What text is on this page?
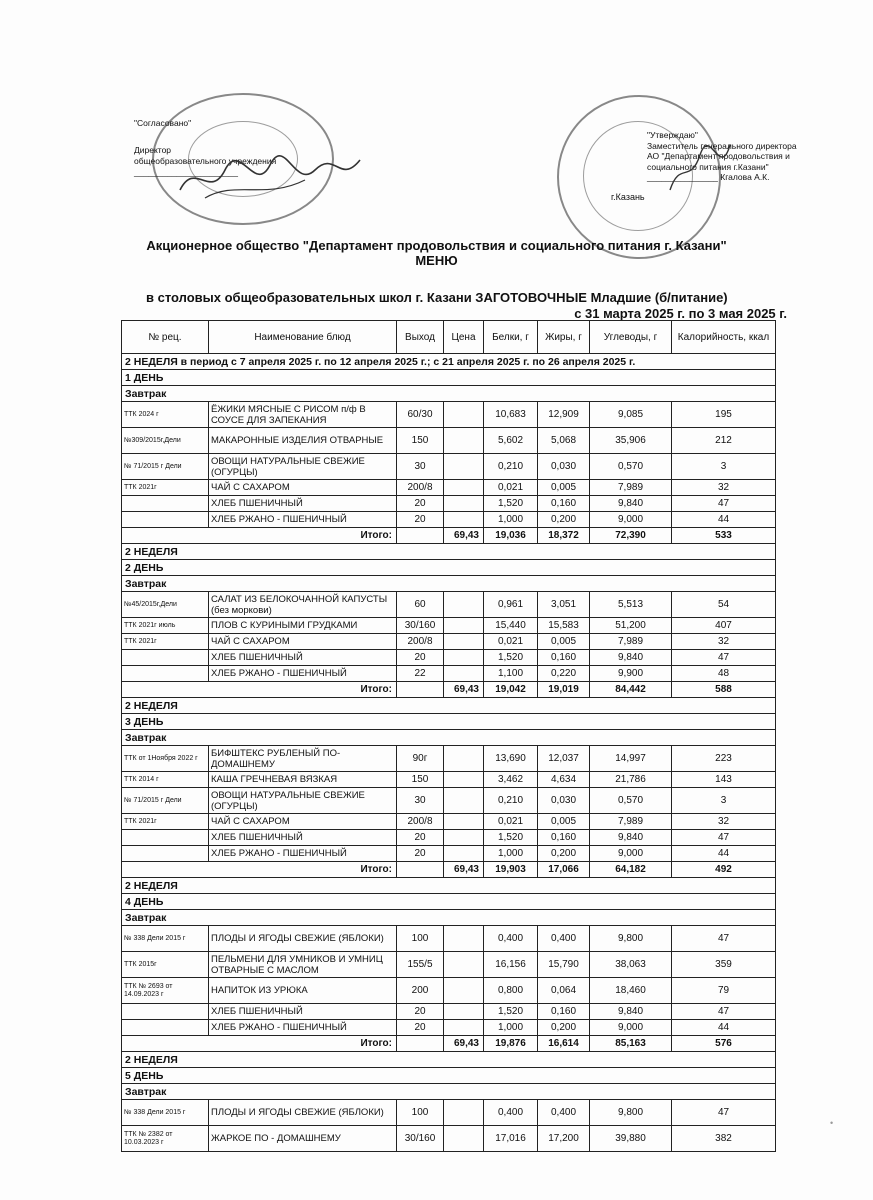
"Согласовано"
Директор
общеобразовательного учреждения
______________________
г.Казань
"Утверждаю"
Заместитель генерального директора
АО "Департамент продовольствия и
социального питания г.Казани"
_______________ Кгалова А.К.
Акционерное общество "Департамент продовольствия и социального питания г. Казани"
МЕНЮ
в столовых общеобразовательных школ г. Казани ЗАГОТОВОЧНЫЕ Младшие (б/питание)
с 31 марта 2025 г. по 3 мая 2025 г.
№ рец.	Наименование блюд	Выход	Цена	Белки, г	Жиры, г	Углеводы, г	Калорийность, ккал
2 НЕДЕЛЯ в период с 7 апреля 2025 г. по 12 апреля 2025 г.; с 21 апреля 2025 г. по 26 апреля 2025 г.							
1 ДЕНЬ							
Завтрак							
ТТК 2024 г	ЁЖИКИ МЯСНЫЕ С РИСОМ п/ф В СОУСЕ ДЛЯ ЗАПЕКАНИЯ	60/30		10,683	12,909	9,085	195
№309/2015г,Дели	МАКАРОННЫЕ ИЗДЕЛИЯ ОТВАРНЫЕ	150		5,602	5,068	35,906	212
№ 71/2015 г Дели	ОВОЩИ НАТУРАЛЬНЫЕ СВЕЖИЕ (ОГУРЦЫ)	30		0,210	0,030	0,570	3
ТТК 2021г	ЧАЙ С САХАРОМ	200/8		0,021	0,005	7,989	32
	ХЛЕБ ПШЕНИЧНЫЙ	20		1,520	0,160	9,840	47
	ХЛЕБ РЖАНО - ПШЕНИЧНЫЙ	20		1,000	0,200	9,000	44
Итого:			69,43	19,036	18,372	72,390	533
2 НЕДЕЛЯ							
2 ДЕНЬ							
Завтрак							
№45/2015г,Дели	САЛАТ ИЗ БЕЛОКОЧАННОЙ КАПУСТЫ (без моркови)	60		0,961	3,051	5,513	54
ТТК 2021г июль	ПЛОВ С КУРИНЫМИ ГРУДКАМИ	30/160		15,440	15,583	51,200	407
ТТК 2021г	ЧАЙ С САХАРОМ	200/8		0,021	0,005	7,989	32
	ХЛЕБ ПШЕНИЧНЫЙ	20		1,520	0,160	9,840	47
	ХЛЕБ РЖАНО - ПШЕНИЧНЫЙ	22		1,100	0,220	9,900	48
Итого:			69,43	19,042	19,019	84,442	588
2 НЕДЕЛЯ							
3 ДЕНЬ							
Завтрак							
ТТК от 1Ноября 2022 г	БИФШТЕКС РУБЛЕНЫЙ ПО-ДОМАШНЕМУ	90г		13,690	12,037	14,997	223
ТТК 2014 г	КАША ГРЕЧНЕВАЯ ВЯЗКАЯ	150		3,462	4,634	21,786	143
№ 71/2015 г Дели	ОВОЩИ НАТУРАЛЬНЫЕ СВЕЖИЕ (ОГУРЦЫ)	30		0,210	0,030	0,570	3
ТТК 2021г	ЧАЙ С САХАРОМ	200/8		0,021	0,005	7,989	32
	ХЛЕБ ПШЕНИЧНЫЙ	20		1,520	0,160	9,840	47
	ХЛЕБ РЖАНО - ПШЕНИЧНЫЙ	20		1,000	0,200	9,000	44
Итого:			69,43	19,903	17,066	64,182	492
2 НЕДЕЛЯ							
4 ДЕНЬ							
Завтрак							
№ 338 Дели 2015 г	ПЛОДЫ И ЯГОДЫ СВЕЖИЕ (ЯБЛОКИ)	100		0,400	0,400	9,800	47
ТТК 2015г	ПЕЛЬМЕНИ ДЛЯ УМНИКОВ И УМНИЦ ОТВАРНЫЕ С МАСЛОМ	155/5		16,156	15,790	38,063	359
ТТК № 2693 от 14.09.2023 г	НАПИТОК ИЗ УРЮКА	200		0,800	0,064	18,460	79
	ХЛЕБ ПШЕНИЧНЫЙ	20		1,520	0,160	9,840	47
	ХЛЕБ РЖАНО - ПШЕНИЧНЫЙ	20		1,000	0,200	9,000	44
Итого:			69,43	19,876	16,614	85,163	576
2 НЕДЕЛЯ							
5 ДЕНЬ							
Завтрак							
№ 338 Дели 2015 г	ПЛОДЫ И ЯГОДЫ СВЕЖИЕ (ЯБЛОКИ)	100		0,400	0,400	9,800	47
ТТК № 2382 от 10.03.2023 г	ЖАРКОЕ ПО - ДОМАШНЕМУ	30/160		17,016	17,200	39,880	382
•
